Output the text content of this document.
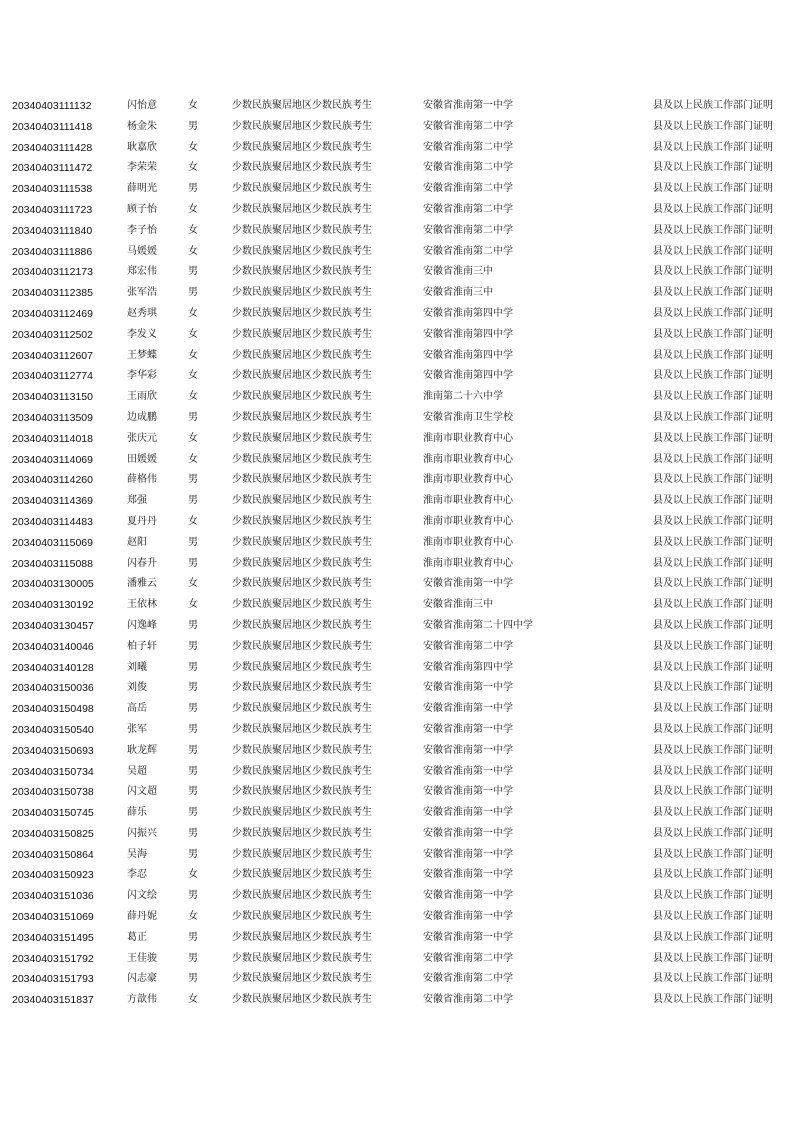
20340403111132	闪怡意	女	少数民族聚居地区少数民族考生	安徽省淮南第一中学	县及以上民族工作部门证明
20340403111418	杨金朱	男	少数民族聚居地区少数民族考生	安徽省淮南第二中学	县及以上民族工作部门证明
20340403111428	耿嘉欣	女	少数民族聚居地区少数民族考生	安徽省淮南第二中学	县及以上民族工作部门证明
20340403111472	李荣荣	女	少数民族聚居地区少数民族考生	安徽省淮南第二中学	县及以上民族工作部门证明
20340403111538	薛明光	男	少数民族聚居地区少数民族考生	安徽省淮南第二中学	县及以上民族工作部门证明
20340403111723	顾子怡	女	少数民族聚居地区少数民族考生	安徽省淮南第二中学	县及以上民族工作部门证明
20340403111840	李子怡	女	少数民族聚居地区少数民族考生	安徽省淮南第二中学	县及以上民族工作部门证明
20340403111886	马媛媛	女	少数民族聚居地区少数民族考生	安徽省淮南第二中学	县及以上民族工作部门证明
20340403112173	郑宏伟	男	少数民族聚居地区少数民族考生	安徽省淮南三中	县及以上民族工作部门证明
20340403112385	张军浩	男	少数民族聚居地区少数民族考生	安徽省淮南三中	县及以上民族工作部门证明
20340403112469	赵秀琪	女	少数民族聚居地区少数民族考生	安徽省淮南第四中学	县及以上民族工作部门证明
20340403112502	李发义	女	少数民族聚居地区少数民族考生	安徽省淮南第四中学	县及以上民族工作部门证明
20340403112607	王梦蝶	女	少数民族聚居地区少数民族考生	安徽省淮南第四中学	县及以上民族工作部门证明
20340403112774	李华彩	女	少数民族聚居地区少数民族考生	安徽省淮南第四中学	县及以上民族工作部门证明
20340403113150	王雨欣	女	少数民族聚居地区少数民族考生	淮南第二十六中学	县及以上民族工作部门证明
20340403113509	边成鹏	男	少数民族聚居地区少数民族考生	安徽省淮南卫生学校	县及以上民族工作部门证明
20340403114018	张庆元	女	少数民族聚居地区少数民族考生	淮南市职业教育中心	县及以上民族工作部门证明
20340403114069	田媛媛	女	少数民族聚居地区少数民族考生	淮南市职业教育中心	县及以上民族工作部门证明
20340403114260	薛格伟	男	少数民族聚居地区少数民族考生	淮南市职业教育中心	县及以上民族工作部门证明
20340403114369	郑强	男	少数民族聚居地区少数民族考生	淮南市职业教育中心	县及以上民族工作部门证明
20340403114483	夏丹丹	女	少数民族聚居地区少数民族考生	淮南市职业教育中心	县及以上民族工作部门证明
20340403115069	赵阳	男	少数民族聚居地区少数民族考生	淮南市职业教育中心	县及以上民族工作部门证明
20340403115088	闪春升	男	少数民族聚居地区少数民族考生	淮南市职业教育中心	县及以上民族工作部门证明
20340403130005	潘雅云	女	少数民族聚居地区少数民族考生	安徽省淮南第一中学	县及以上民族工作部门证明
20340403130192	王依林	女	少数民族聚居地区少数民族考生	安徽省淮南三中	县及以上民族工作部门证明
20340403130457	闪逸峰	男	少数民族聚居地区少数民族考生	安徽省淮南第二十四中学	县及以上民族工作部门证明
20340403140046	柏子轩	男	少数民族聚居地区少数民族考生	安徽省淮南第二中学	县及以上民族工作部门证明
20340403140128	刘曦	男	少数民族聚居地区少数民族考生	安徽省淮南第四中学	县及以上民族工作部门证明
20340403150036	刘俊	男	少数民族聚居地区少数民族考生	安徽省淮南第一中学	县及以上民族工作部门证明
20340403150498	高岳	男	少数民族聚居地区少数民族考生	安徽省淮南第一中学	县及以上民族工作部门证明
20340403150540	张军	男	少数民族聚居地区少数民族考生	安徽省淮南第一中学	县及以上民族工作部门证明
20340403150693	耿龙辉	男	少数民族聚居地区少数民族考生	安徽省淮南第一中学	县及以上民族工作部门证明
20340403150734	吴超	男	少数民族聚居地区少数民族考生	安徽省淮南第一中学	县及以上民族工作部门证明
20340403150738	闪文超	男	少数民族聚居地区少数民族考生	安徽省淮南第一中学	县及以上民族工作部门证明
20340403150745	薛乐	男	少数民族聚居地区少数民族考生	安徽省淮南第一中学	县及以上民族工作部门证明
20340403150825	闪振兴	男	少数民族聚居地区少数民族考生	安徽省淮南第一中学	县及以上民族工作部门证明
20340403150864	吴海	男	少数民族聚居地区少数民族考生	安徽省淮南第一中学	县及以上民族工作部门证明
20340403150923	李忍	女	少数民族聚居地区少数民族考生	安徽省淮南第一中学	县及以上民族工作部门证明
20340403151036	闪文绘	男	少数民族聚居地区少数民族考生	安徽省淮南第一中学	县及以上民族工作部门证明
20340403151069	薛丹妮	女	少数民族聚居地区少数民族考生	安徽省淮南第一中学	县及以上民族工作部门证明
20340403151495	葛正	男	少数民族聚居地区少数民族考生	安徽省淮南第一中学	县及以上民族工作部门证明
20340403151792	王佳骏	男	少数民族聚居地区少数民族考生	安徽省淮南第二中学	县及以上民族工作部门证明
20340403151793	闪志豪	男	少数民族聚居地区少数民族考生	安徽省淮南第二中学	县及以上民族工作部门证明
20340403151837	方歆伟	女	少数民族聚居地区少数民族考生	安徽省淮南第二中学	县及以上民族工作部门证明
